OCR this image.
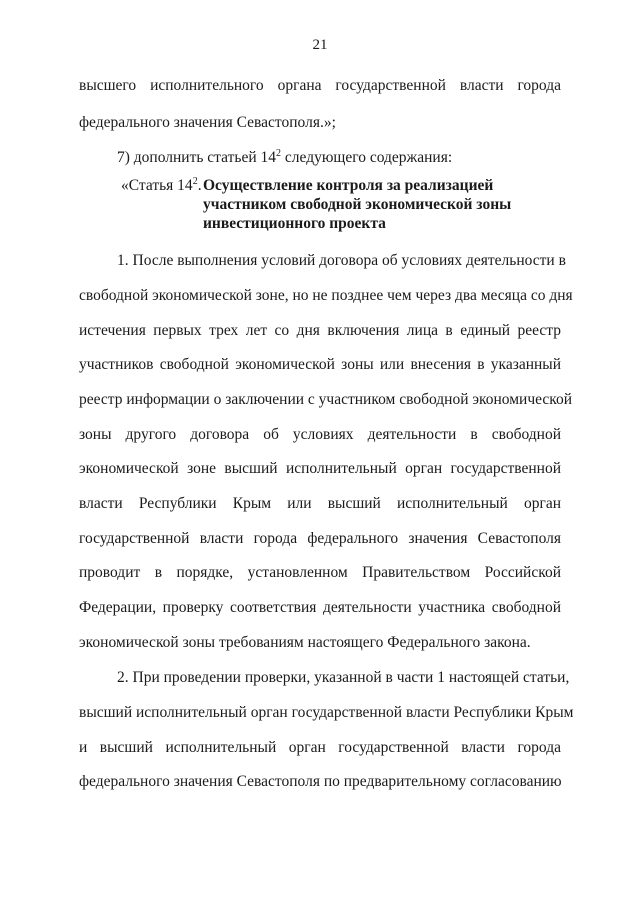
21
высшего исполнительного органа государственной власти города
федерального значения Севастополя.»;
7) дополнить статьей $14^2$ следующего содержания:
«Статья $14^2$. Осуществление контроля за реализацией
участником свободной экономической зоны
инвестиционного проекта
1. После выполнения условий договора об условиях деятельности в
свободной экономической зоне, но не позднее чем через два месяца со дня
истечения первых трех лет со дня включения лица в единый реестр
участников свободной экономической зоны или внесения в указанный
реестр информации о заключении с участником свободной экономической
зоны другого договора об условиях деятельности в свободной
экономической зоне высший исполнительный орган государственной
власти Республики Крым или высший исполнительный орган
государственной власти города федерального значения Севастополя
проводит в порядке, установленном Правительством Российской
Федерации, проверку соответствия деятельности участника свободной
экономической зоны требованиям настоящего Федерального закона.
2. При проведении проверки, указанной в части 1 настоящей статьи,
высший исполнительный орган государственной власти Республики Крым
и высший исполнительный орган государственной власти города
федерального значения Севастополя по предварительному согласованию
